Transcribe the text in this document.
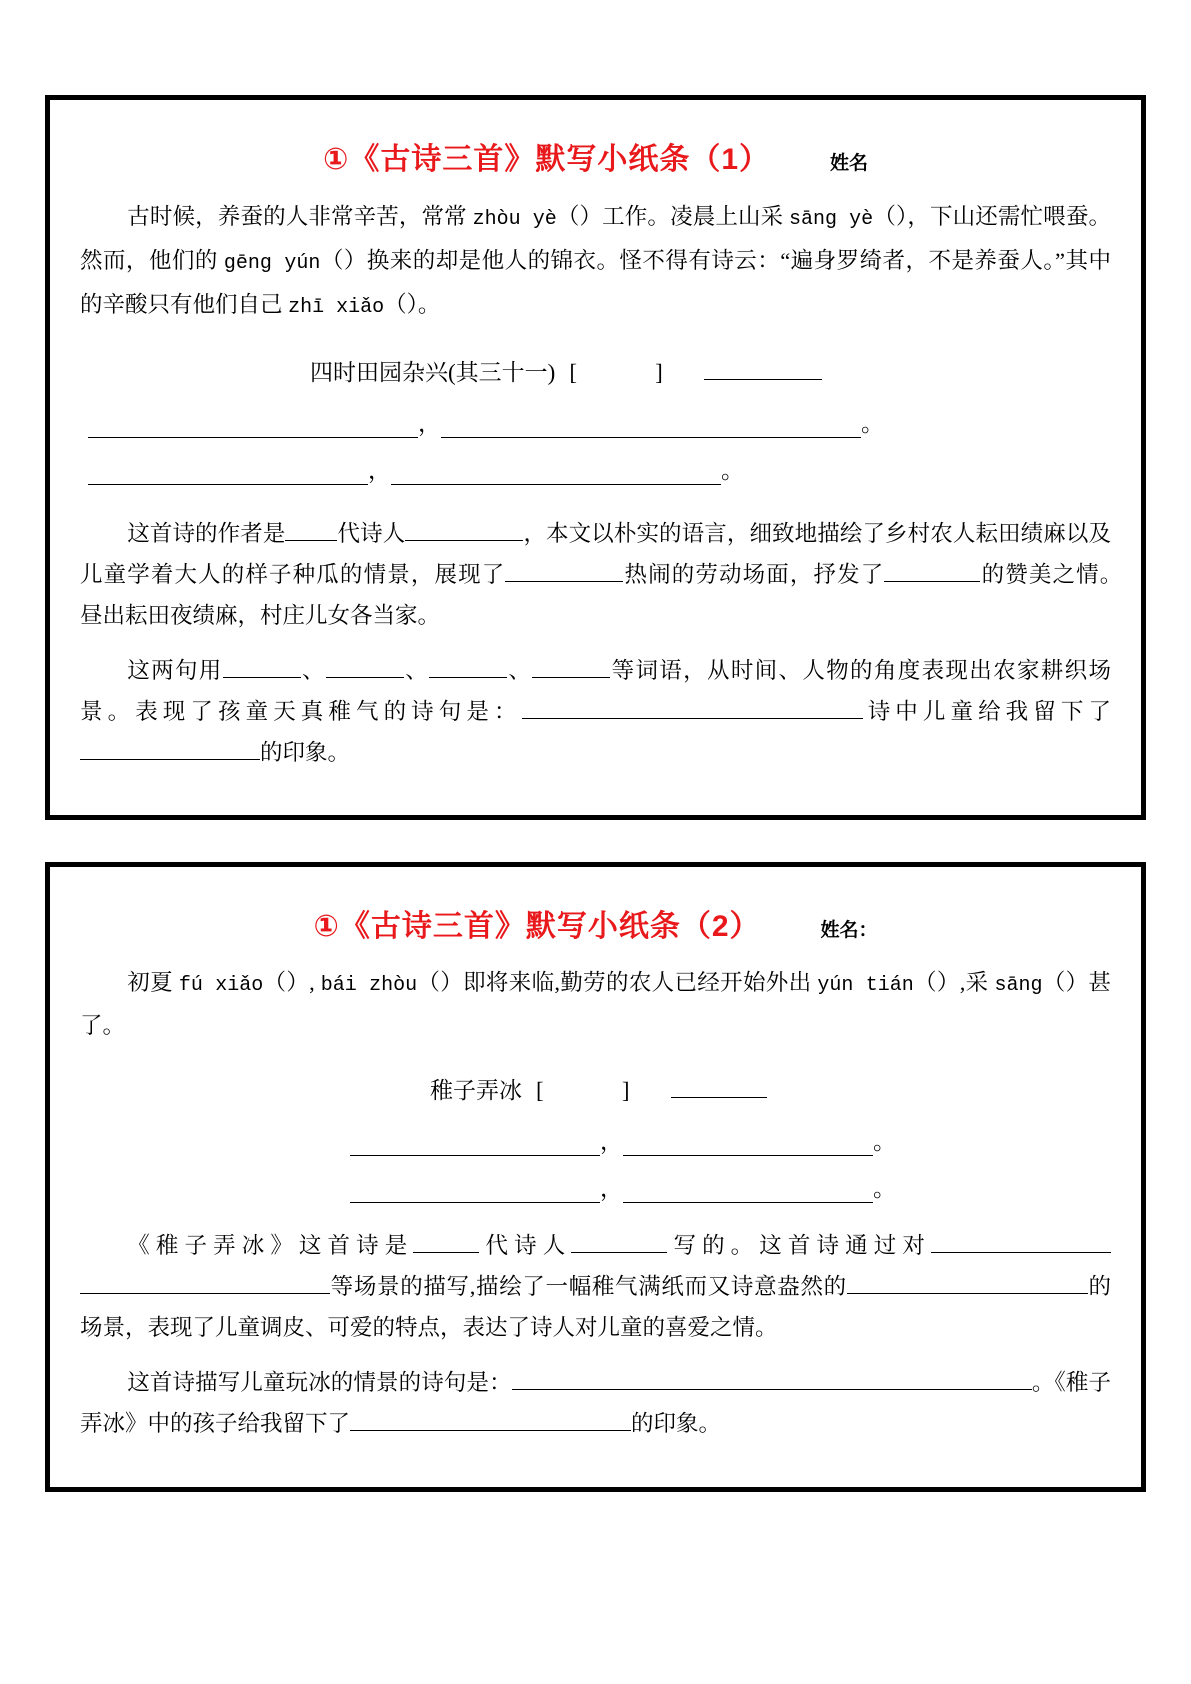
①《古诗三首》默写小纸条（1）	姓名

古时候，养蚕的人非常辛苦，常常 zhòu yè（）工作。凌晨上山采 sāng yè（），下山还需忙喂蚕。然而，他们的 gēng yún（）换来的却是他人的锦衣。怪不得有诗云：“遍身罗绮者，不是养蚕人。”其中的辛酸只有他们自己 zhī xiǎo（）。

四时田园杂兴(其三十一) [　]
，	。
，	。

这首诗的作者是 代诗人	，本文以朴实的语言，细致地描绘了乡村农人耘田绩麻以及儿童学着大人的样子种瓜的情景，展现了	热闹的劳动场面，抒发了	的赞美之情。　昼出耘田夜绩麻，村庄儿女各当家。

这两句用	、	、	、	等词语，从时间、人物的角度表现出农家耕织场景。表现了孩童天真稚气的诗句是：	诗中儿童给我留下了的印象。

①《古诗三首》默写小纸条（2）	姓名：

初夏 fú xiǎo（）, bái zhòu（）即将来临,勤劳的农人已经开始外出 yún tián（）,采 sāng（）甚了。

稚子弄冰 [　]
，	。
，	。

《稚子弄冰》这首诗是	代诗人	写的。这首诗通过对等场景的描写,描绘了一幅稚气满纸而又诗意盎然的	的场景，表现了儿童调皮、可爱的特点，表达了诗人对儿童的喜爱之情。

这首诗描写儿童玩冰的情景的诗句是：	。《稚子弄冰》中的孩子给我留下了	的印象。
